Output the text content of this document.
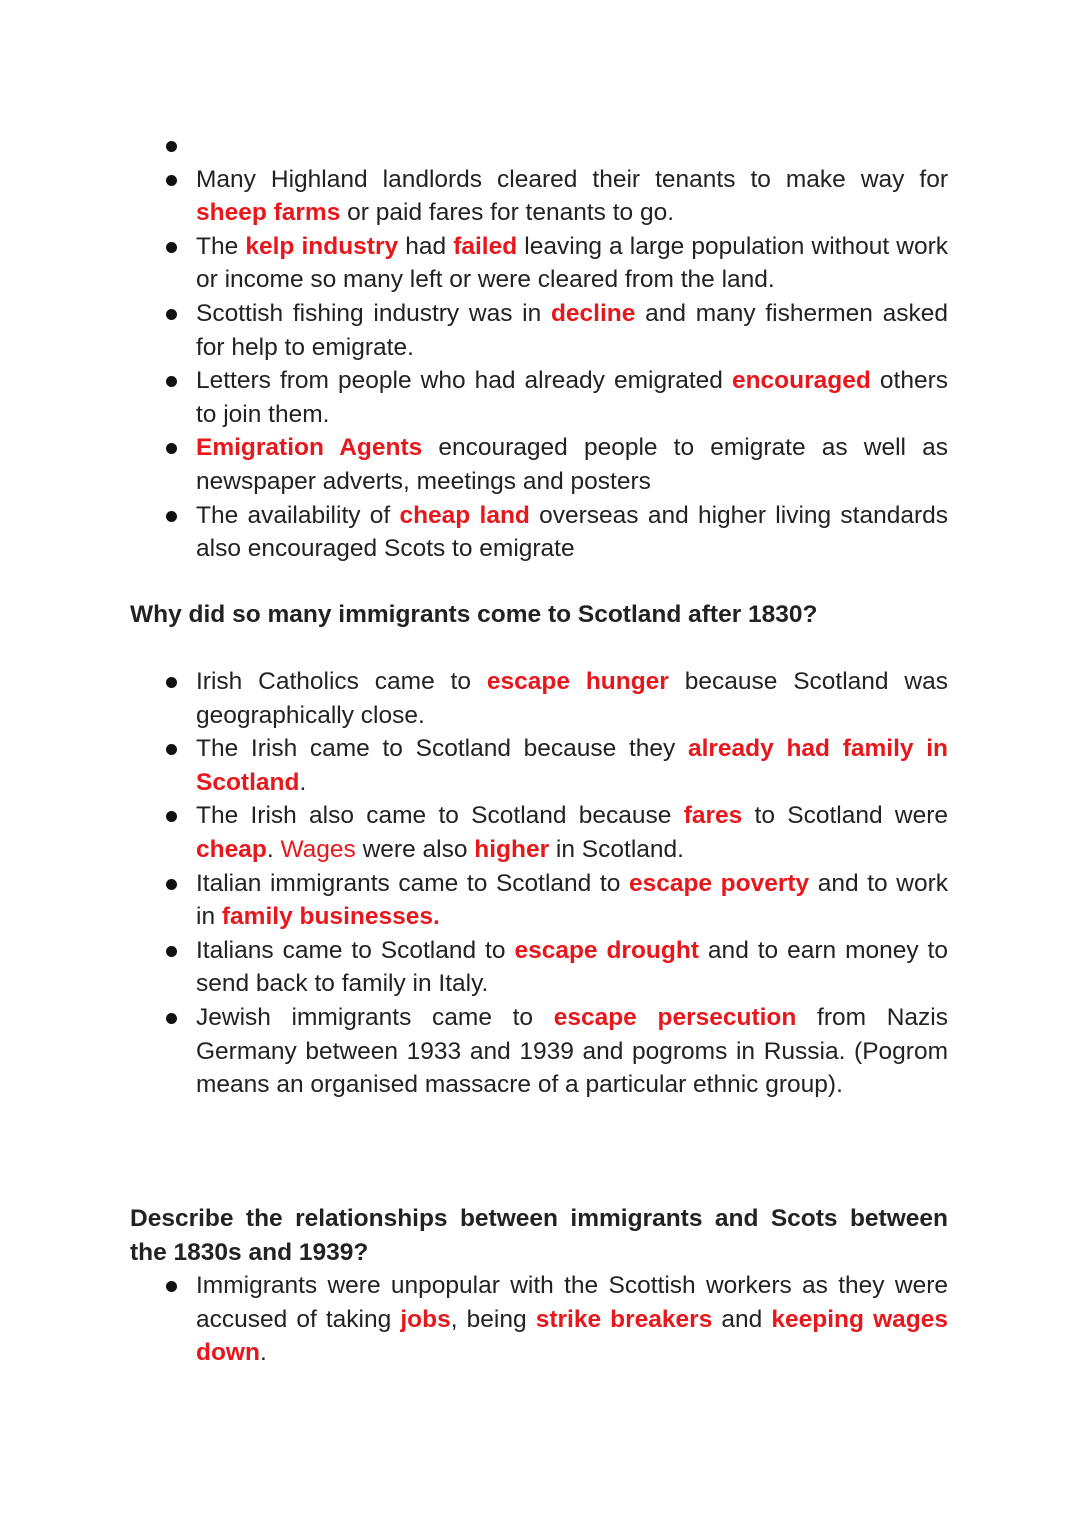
Many Highland landlords cleared their tenants to make way for sheep farms or paid fares for tenants to go.
The kelp industry had failed leaving a large population without work or income so many left or were cleared from the land.
Scottish fishing industry was in decline and many fishermen asked for help to emigrate.
Letters from people who had already emigrated encouraged others to join them.
Emigration Agents encouraged people to emigrate as well as newspaper adverts, meetings and posters
The availability of cheap land overseas and higher living standards also encouraged Scots to emigrate
Why did so many immigrants come to Scotland after 1830?
Irish Catholics came to escape hunger because Scotland was geographically close.
The Irish came to Scotland because they already had family in Scotland.
The Irish also came to Scotland because fares to Scotland were cheap. Wages were also higher in Scotland.
Italian immigrants came to Scotland to escape poverty and to work in family businesses.
Italians came to Scotland to escape drought and to earn money to send back to family in Italy.
Jewish immigrants came to escape persecution from Nazis Germany between 1933 and 1939 and pogroms in Russia. (Pogrom means an organised massacre of a particular ethnic group).
Describe the relationships between immigrants and Scots between the 1830s and 1939?
Immigrants were unpopular with the Scottish workers as they were accused of taking jobs, being strike breakers and keeping wages down.
